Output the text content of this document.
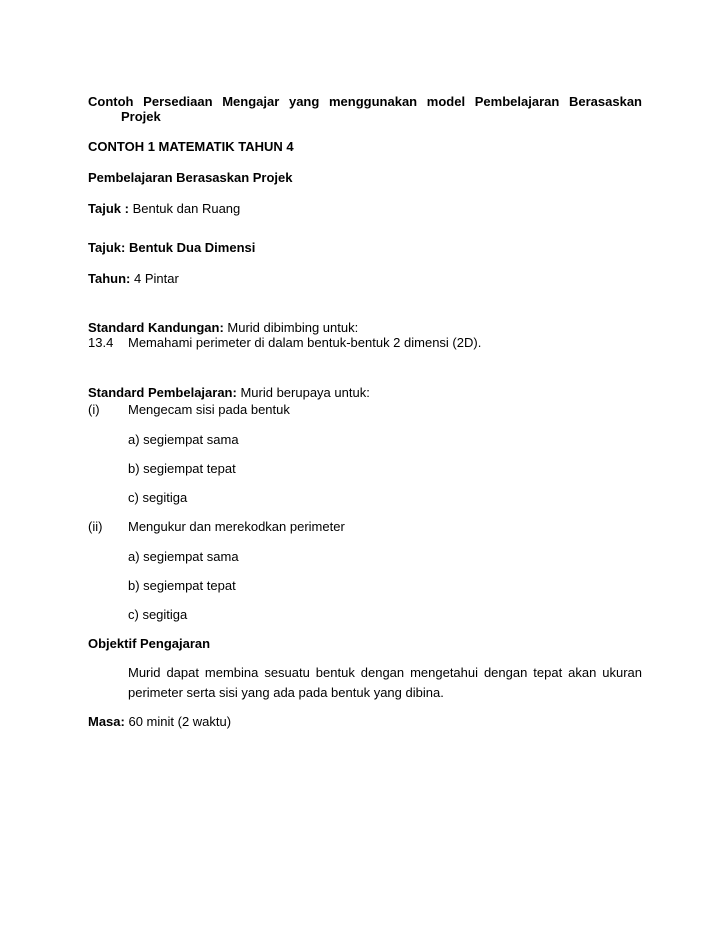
Contoh Persediaan Mengajar yang menggunakan model Pembelajaran Berasaskan
Projek
CONTOH 1 MATEMATIK TAHUN 4
Pembelajaran Berasaskan Projek
Tajuk : Bentuk dan Ruang
Tajuk: Bentuk Dua Dimensi
Tahun: 4 Pintar
Standard Kandungan: Murid dibimbing untuk:
13.4 Memahami perimeter di dalam bentuk-bentuk 2 dimensi (2D).
Standard Pembelajaran: Murid berupaya untuk:
(i) Mengecam sisi pada bentuk
a) segiempat sama
b) segiempat tepat
c) segitiga
(ii) Mengukur dan merekodkan perimeter
a) segiempat sama
b) segiempat tepat
c) segitiga
Objektif Pengajaran
Murid dapat membina sesuatu bentuk dengan mengetahui dengan tepat akan ukuran
perimeter serta sisi yang ada pada bentuk yang dibina.
Masa: 60 minit (2 waktu)
